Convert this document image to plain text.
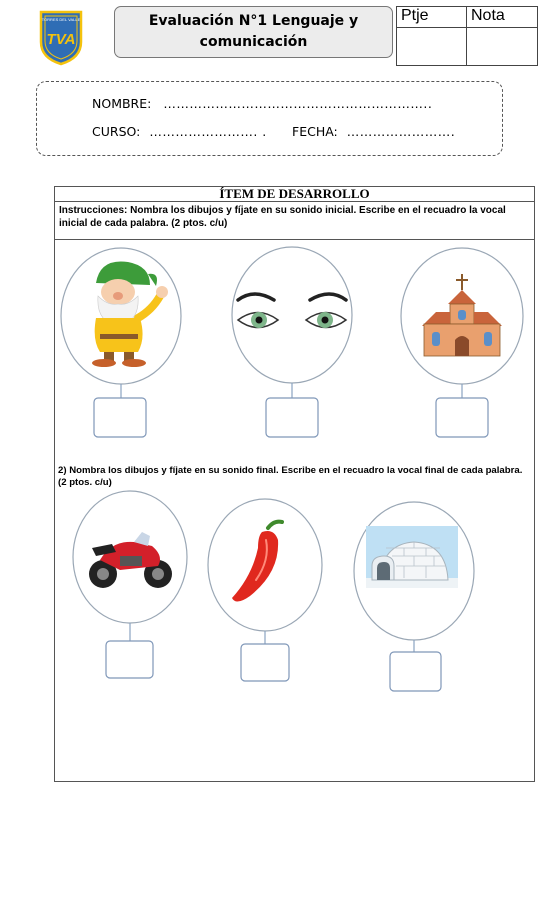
TORRES DEL VALLE
TVA
Evaluación N°1 Lenguaje y comunicación
Ptje	Nota

NOMBRE: ……………………………………………………..
CURSO: ……………………. . FECHA: …………………….
ÍTEM DE DESARROLLO
Instrucciones: Nombra los dibujos y fíjate en su sonido inicial. Escribe en el recuadro la vocal inicial de cada palabra. (2 ptos. c/u)
2) Nombra los dibujos y fíjate en su sonido final. Escribe en el recuadro la vocal final de cada palabra. (2 ptos. c/u)
